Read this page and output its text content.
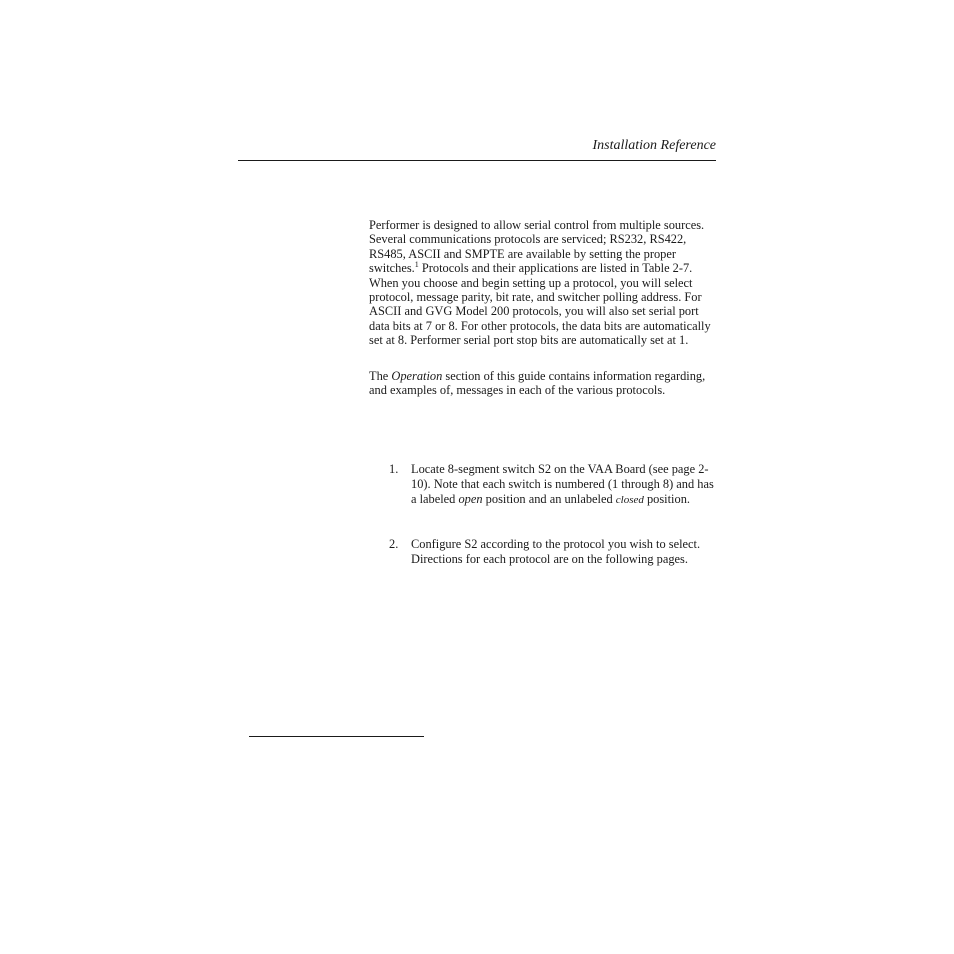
Installation Reference

Performer is designed to allow serial control from multiple sources. Several communications protocols are serviced; RS232, RS422, RS485, ASCII and SMPTE are available by setting the proper switches.$^1$ Protocols and their applications are listed in Table 2-7. When you choose and begin setting up a protocol, you will select protocol, message parity, bit rate, and switcher polling address. For ASCII and GVG Model 200 protocols, you will also set serial port data bits at 7 or 8. For other protocols, the data bits are automatically set at 8. Performer serial port stop bits are automatically set at 1.

The Operation section of this guide contains information regarding, and examples of, messages in each of the various protocols.

1. Locate 8-segment switch S2 on the VAA Board (see page 2-10). Note that each switch is numbered (1 through 8) and has a labeled open position and an unlabeled closed position.
2. Configure S2 according to the protocol you wish to select. Directions for each protocol are on the following pages.
